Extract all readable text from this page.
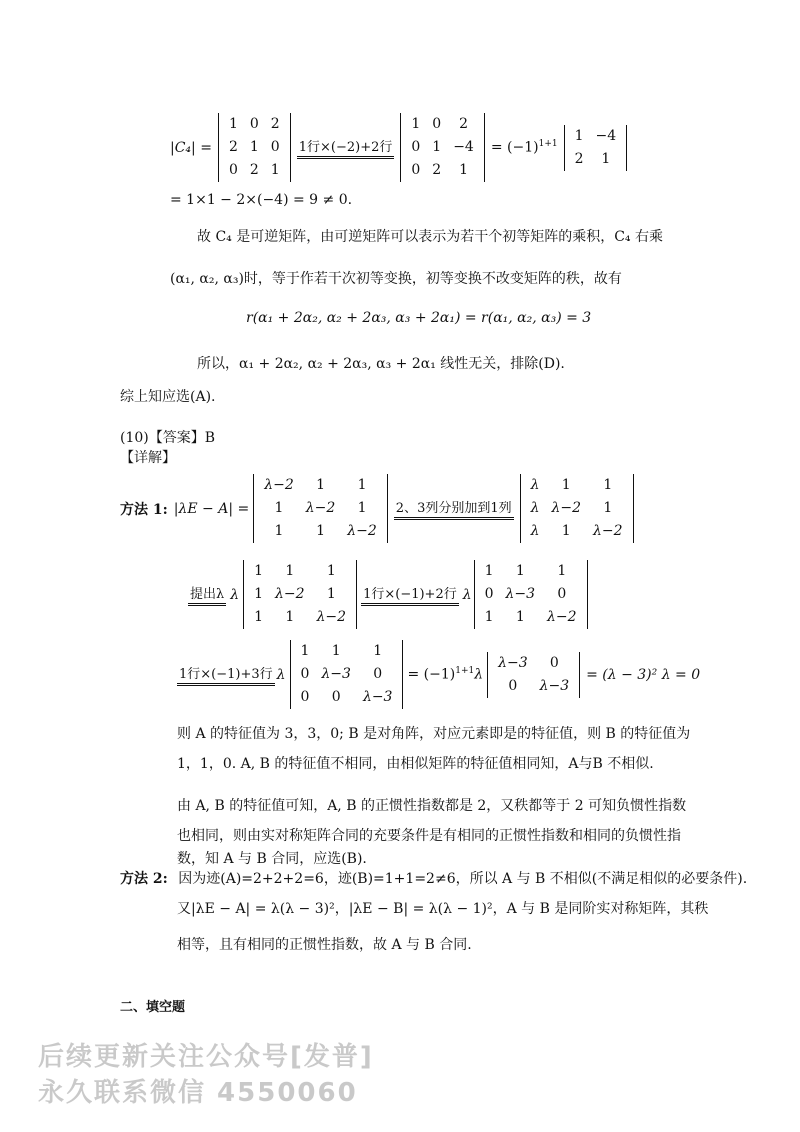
|C₄| =
1	0	2
2	1	0
0	2	1
1行×(−2)+2行
1	0	2
0	1	−4
0	2	1
= $(-1)^{1+1}$
1	−4
2	1
= 1×1 − 2×(−4) = 9 ≠ 0.
故 C₄ 是可逆矩阵，由可逆矩阵可以表示为若干个初等矩阵的乘积，C₄ 右乘
(α₁, α₂, α₃)时，等于作若干次初等变换，初等变换不改变矩阵的秩，故有
r(α₁ + 2α₂, α₂ + 2α₃, α₃ + 2α₁) = r(α₁, α₂, α₃) = 3
所以，α₁ + 2α₂, α₂ + 2α₃, α₃ + 2α₁ 线性无关，排除(D).
综上知应选(A).
(10)【答案】B
【详解】
方法 1: |λE − A| =
λ−2	1	1
1	λ−2	1
1	1	λ−2
2、3列分别加到1列
λ	1	1
λ	λ−2	1
λ	1	λ−2
提出λ λ
1	1	1
1	λ−2	1
1	1	λ−2
1行×(−1)+2行 λ
1	1	1
0	λ−3	0
1	1	λ−2
1行×(−1)+3行 λ
1	1	1
0	λ−3	0
0	0	λ−3
= $(-1)^{1+1}\lambda$
λ−3	0
0	λ−3
= (λ − 3)² λ = 0
则 A 的特征值为 3，3，0; B 是对角阵，对应元素即是的特征值，则 B 的特征值为
1，1，0. A, B 的特征值不相同，由相似矩阵的特征值相同知，A与B 不相似.
由 A, B 的特征值可知，A, B 的正惯性指数都是 2，又秩都等于 2 可知负惯性指数
也相同，则由实对称矩阵合同的充要条件是有相同的正惯性指数和相同的负惯性指
数，知 A 与 B 合同，应选(B).
方法 2: 因为迹(A)=2+2+2=6，迹(B)=1+1=2≠6，所以 A 与 B 不相似(不满足相似的必要条件).
又|λE − A| = λ(λ − 3)²，|λE − B| = λ(λ − 1)²，A 与 B 是同阶实对称矩阵，其秩
相等，且有相同的正惯性指数，故 A 与 B 合同.
二、填空题
后续更新关注公众号[发普]
永久联系微信 4550060
